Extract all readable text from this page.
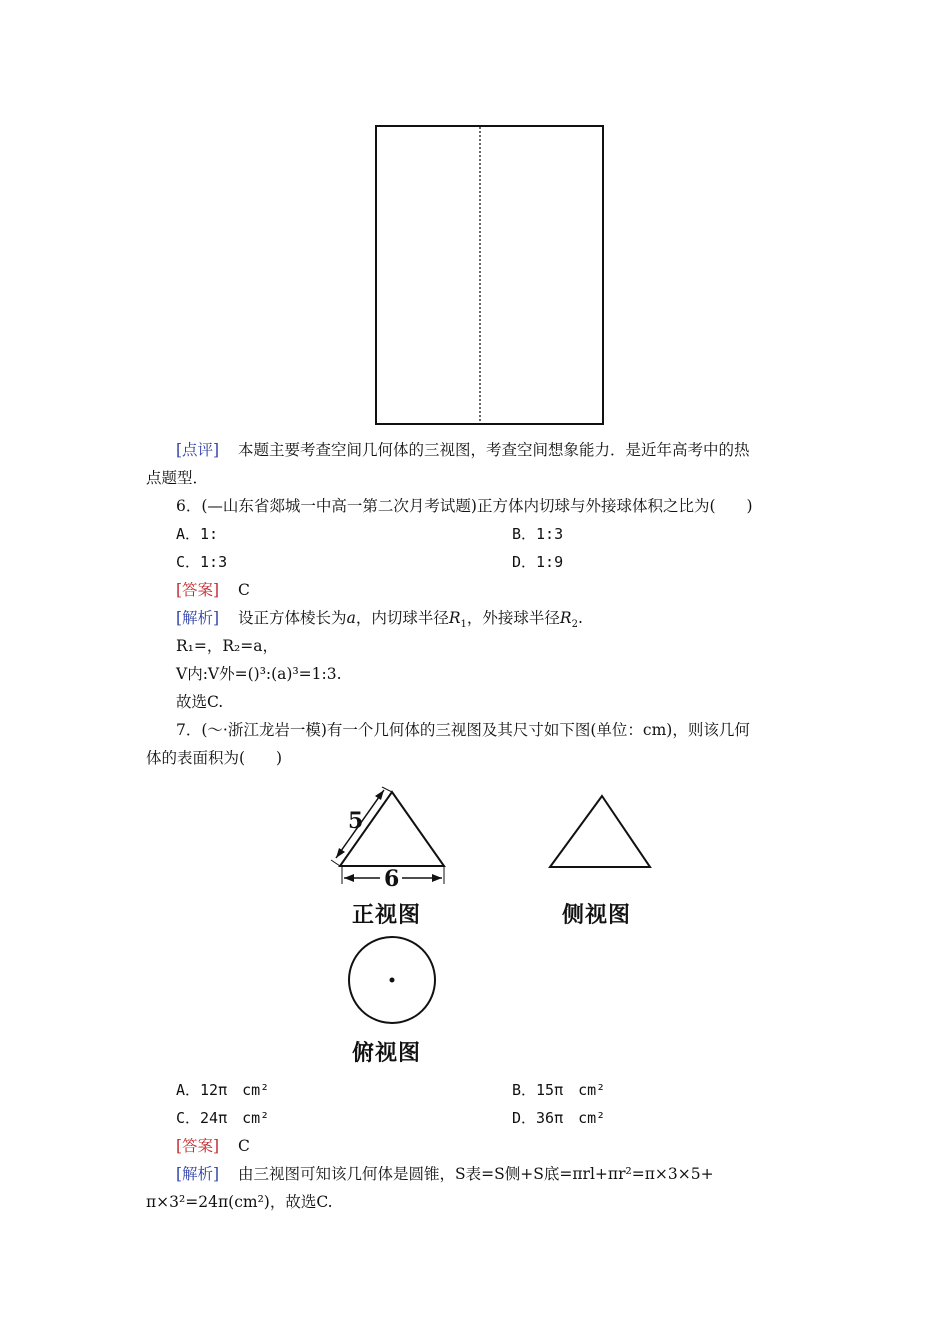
[点评] 本题主要考查空间几何体的三视图，考查空间想象能力．是近年高考中的热
点题型．
6．(—山东省郯城一中高一第二次月考试题)正方体内切球与外接球体积之比为(　　)
A．1:	B．1:3
C．1:3	D．1:9
[答案] C
[解析] 设正方体棱长为a，内切球半径$R_1$，外接球半径$R_2$.
R₁=，R₂=a，
V内:V外=()³:(a)³=1:3.
故选C.
7．(～·浙江龙岩一模)有一个几何体的三视图及其尺寸如下图(单位：cm)，则该几何
体的表面积为(　　)
5
6
正视图	侧视图
俯视图
A．12π　cm²	B．15π　cm²
C．24π　cm²	D．36π　cm²
[答案] C
[解析] 由三视图可知该几何体是圆锥，S表=S侧+S底=πrl+πr²=π×3×5+
π×3²=24π(cm²)，故选C.
